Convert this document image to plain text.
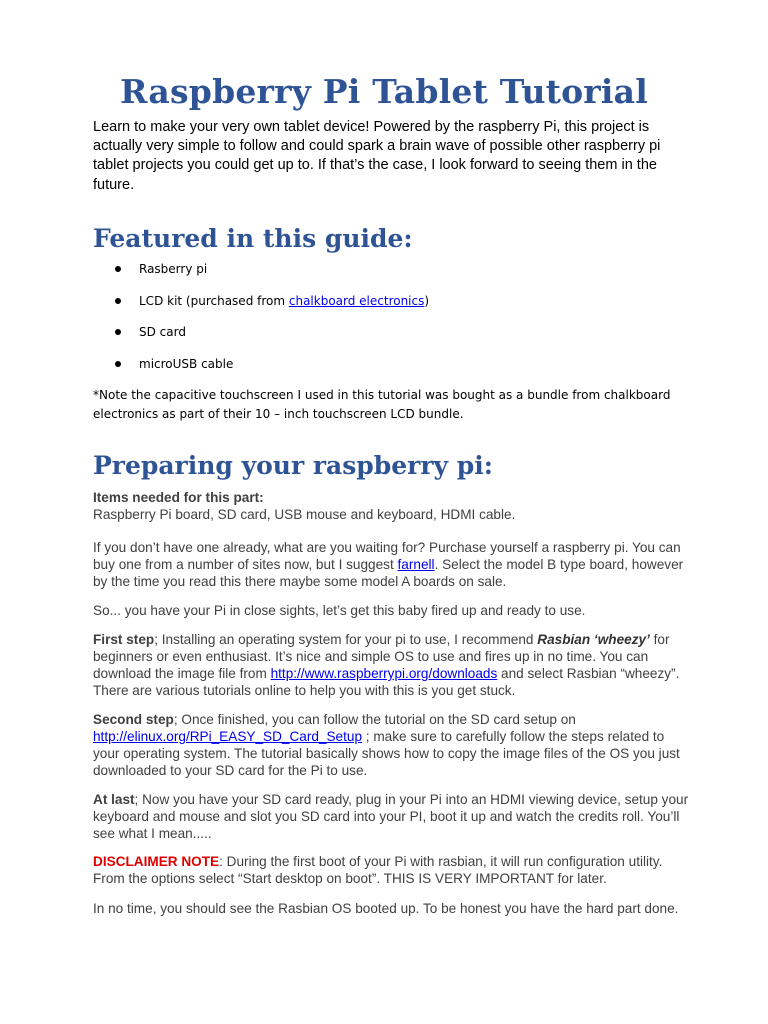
Raspberry Pi Tablet Tutorial

Learn to make your very own tablet device! Powered by the raspberry Pi, this project is actually very simple to follow and could spark a brain wave of possible other raspberry pi tablet projects you could get up to. If that’s the case, I look forward to seeing them in the future.

Featured in this guide:
Rasberry pi
LCD kit (purchased from chalkboard electronics)
SD card
microUSB cable

*Note the capacitive touchscreen I used in this tutorial was bought as a bundle from chalkboard electronics as part of their 10 – inch touchscreen LCD bundle.

Preparing your raspberry pi:

Items needed for this part:
Raspberry Pi board, SD card, USB mouse and keyboard, HDMI cable.

If you don’t have one already, what are you waiting for? Purchase yourself a raspberry pi. You can buy one from a number of sites now, but I suggest farnell. Select the model B type board, however by the time you read this there maybe some model A boards on sale.

So... you have your Pi in close sights, let’s get this baby fired up and ready to use.

First step; Installing an operating system for your pi to use, I recommend Rasbian ‘wheezy’ for beginners or even enthusiast. It’s nice and simple OS to use and fires up in no time. You can download the image file from http://www.raspberrypi.org/downloads and select Rasbian “wheezy”. There are various tutorials online to help you with this is you get stuck.

Second step; Once finished, you can follow the tutorial on the SD card setup on http://elinux.org/RPi_EASY_SD_Card_Setup ; make sure to carefully follow the steps related to your operating system. The tutorial basically shows how to copy the image files of the OS you just downloaded to your SD card for the Pi to use.

At last; Now you have your SD card ready, plug in your Pi into an HDMI viewing device, setup your keyboard and mouse and slot you SD card into your PI, boot it up and watch the credits roll. You’ll see what I mean.....

DISCLAIMER NOTE: During the first boot of your Pi with rasbian, it will run configuration utility. From the options select “Start desktop on boot”. THIS IS VERY IMPORTANT for later.

In no time, you should see the Rasbian OS booted up. To be honest you have the hard part done.
